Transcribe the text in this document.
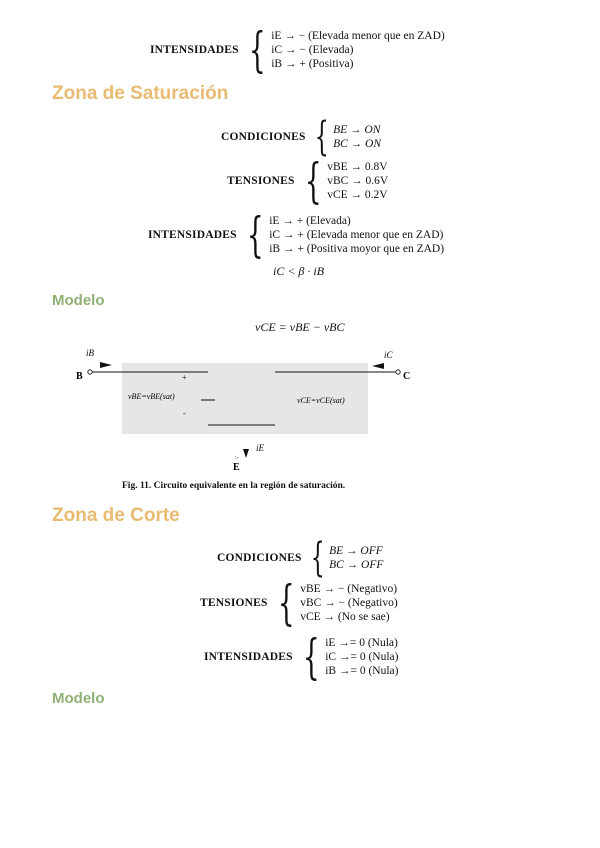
INTENSIDADES { iE → − (Elevada menor que en ZAD)
iC → − (Elevada)
iB → + (Positiva)
Zona de Saturación
CONDICIONES { BE → ON
BC → ON
TENSIONES { vBE → 0.8V
vBC → 0.6V
vCE → 0.2V
INTENSIDADES { iE → + (Elevada)
iC → + (Elevada menor que en ZAD)
iB → + (Positiva moyor que en ZAD)
iC < β · iB
Modelo
vCE = vBE − vBC
iB	iC
iE
B	C
E
:-
vBE=vBE(sat)	vCE=vCE(sat)
+
-
Fig. 11. Circuito equivalente en la región de saturación.
Zona de Corte
CONDICIONES { BE → OFF
BC → OFF
TENSIONES { vBE → − (Negativo)
vBC → − (Negativo)
vCE → (No se sae)
INTENSIDADES { iE →= 0 (Nula)
iC →= 0 (Nula)
iB →= 0 (Nula)
Modelo
